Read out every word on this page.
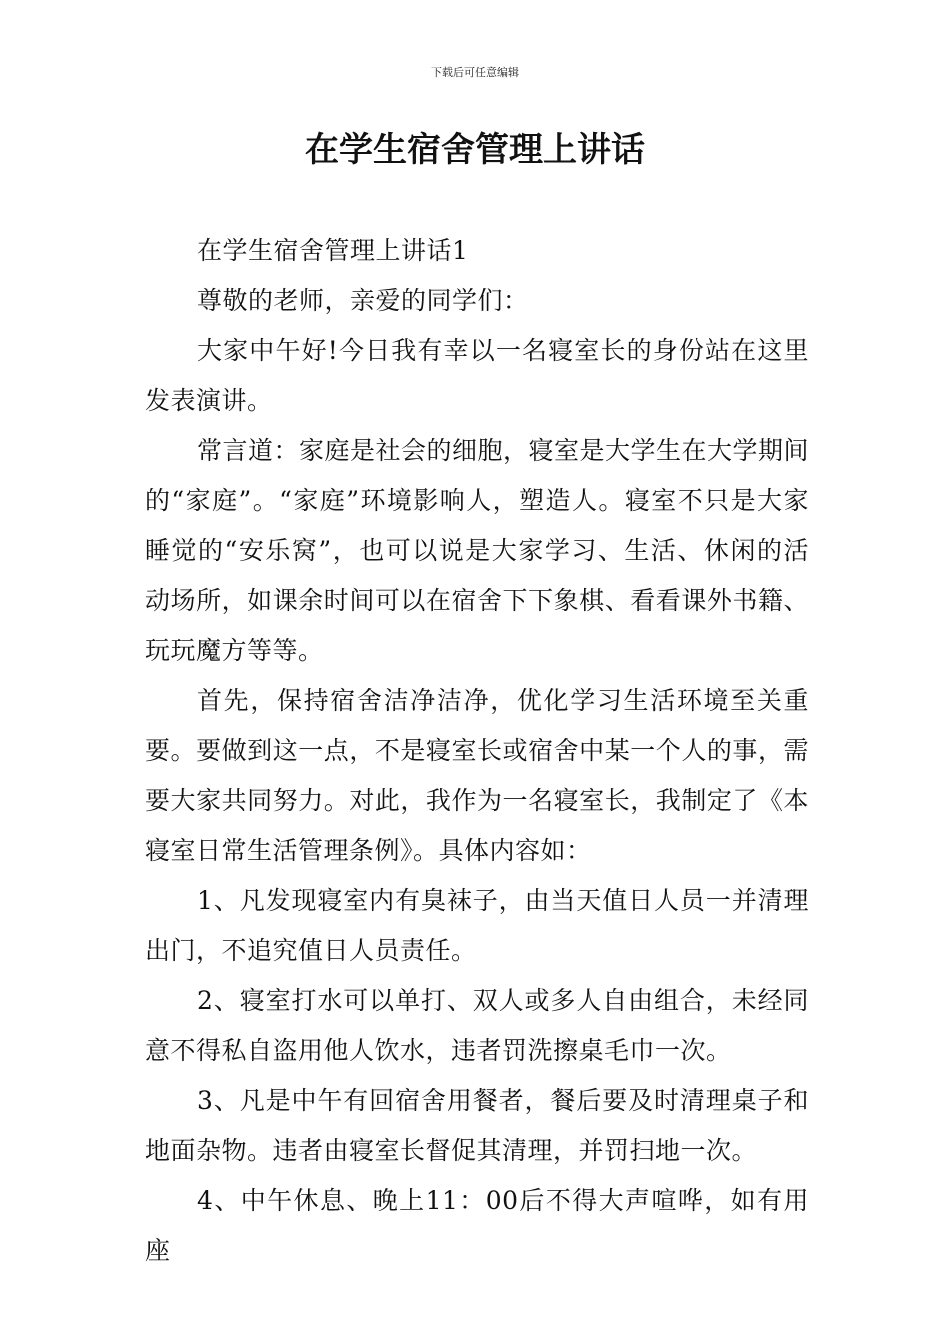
下载后可任意编辑
在学生宿舍管理上讲话

在学生宿舍管理上讲话1

尊敬的老师，亲爱的同学们：

大家中午好!今日我有幸以一名寝室长的身份站在这里发表演讲。

常言道：家庭是社会的细胞，寝室是大学生在大学期间的“家庭”。“家庭”环境影响人，塑造人。寝室不只是大家睡觉的“安乐窝”，也可以说是大家学习、生活、休闲的活动场所，如课余时间可以在宿舍下下象棋、看看课外书籍、玩玩魔方等等。

首先，保持宿舍洁净洁净，优化学习生活环境至关重要。要做到这一点，不是寝室长或宿舍中某一个人的事，需要大家共同努力。对此，我作为一名寝室长，我制定了《本寝室日常生活管理条例》。具体内容如：

1、凡发现寝室内有臭袜子，由当天值日人员一并清理出门，不追究值日人员责任。

2、寝室打水可以单打、双人或多人自由组合，未经同意不得私自盗用他人饮水，违者罚洗擦桌毛巾一次。

3、凡是中午有回宿舍用餐者，餐后要及时清理桌子和地面杂物。违者由寝室长督促其清理，并罚扫地一次。

4、中午休息、晚上11：00后不得大声喧哗，如有用座
